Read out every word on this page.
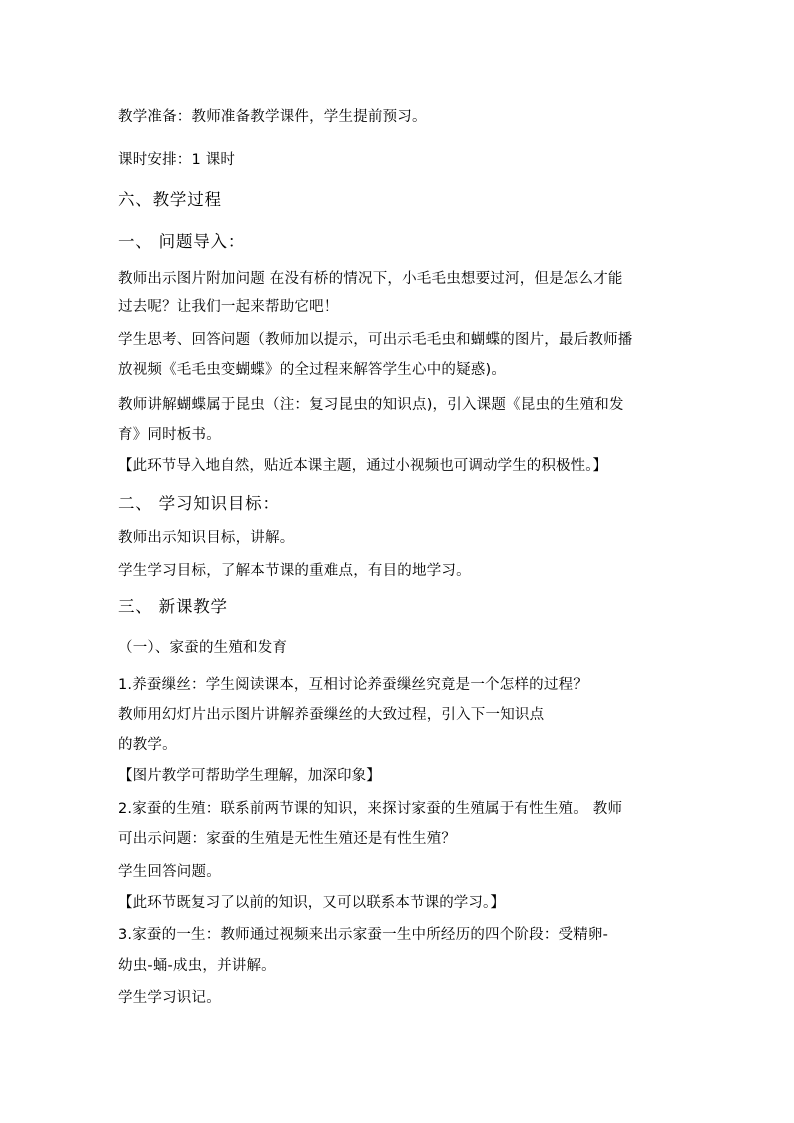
教学准备：教师准备教学课件，学生提前预习。
课时安排：1 课时
六、教学过程
一、 问题导入：
教师出示图片附加问题 在没有桥的情况下，小毛毛虫想要过河，但是怎么才能
过去呢？让我们一起来帮助它吧！
学生思考、回答问题（教师加以提示，可出示毛毛虫和蝴蝶的图片，最后教师播
放视频《毛毛虫变蝴蝶》的全过程来解答学生心中的疑惑)。
教师讲解蝴蝶属于昆虫（注：复习昆虫的知识点)，引入课题《昆虫的生殖和发
育》同时板书。
【此环节导入地自然，贴近本课主题，通过小视频也可调动学生的积极性。】
二、 学习知识目标：
教师出示知识目标，讲解。
学生学习目标，了解本节课的重难点，有目的地学习。
三、 新课教学
（一）、家蚕的生殖和发育
1.养蚕缫丝：学生阅读课本，互相讨论养蚕缫丝究竟是一个怎样的过程？
教师用幻灯片出示图片讲解养蚕缫丝的大致过程，引入下一知识点
的教学。
【图片教学可帮助学生理解，加深印象】
2.家蚕的生殖：联系前两节课的知识，来探讨家蚕的生殖属于有性生殖。 教师
可出示问题：家蚕的生殖是无性生殖还是有性生殖？
学生回答问题。
【此环节既复习了以前的知识，又可以联系本节课的学习。】
3.家蚕的一生：教师通过视频来出示家蚕一生中所经历的四个阶段：受精卵-
幼虫-蛹-成虫，并讲解。
学生学习识记。
